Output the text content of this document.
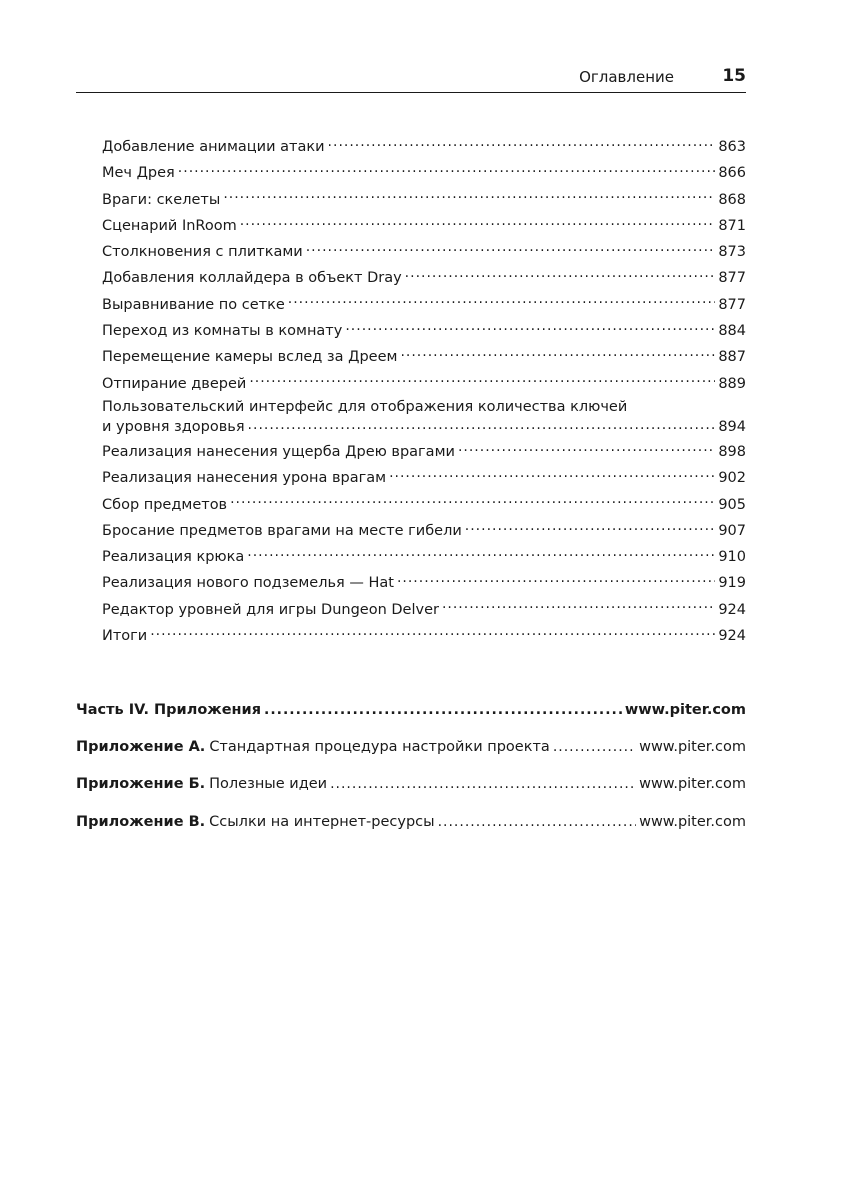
Оглавление	15
Добавление анимации атаки .....	863
Меч Дрея .....	866
Враги: скелеты .....	868
Сценарий InRoom .....	871
Столкновения с плитками .....	873
Добавления коллайдера в объект Dray .....	877
Выравнивание по сетке .....	877
Переход из комнаты в комнату .....	884
Перемещение камеры вслед за Дреем .....	887
Отпирание дверей .....	889
Пользовательский интерфейс для отображения количества ключей
и уровня здоровья .....	894
Реализация нанесения ущерба Дрею врагами .....	898
Реализация нанесения урона врагам .....	902
Сбор предметов .....	905
Бросание предметов врагами на месте гибели .....	907
Реализация крюка .....	910
Реализация нового подземелья — Hat .....	919
Редактор уровней для игры Dungeon Delver .....	924
Итоги .....	924
Часть IV. Приложения .....	www.piter.com
Приложение А. Стандартная процедура настройки проекта .....	www.piter.com
Приложение Б. Полезные идеи .....	www.piter.com
Приложение В. Ссылки на интернет-ресурсы .....	www.piter.com
